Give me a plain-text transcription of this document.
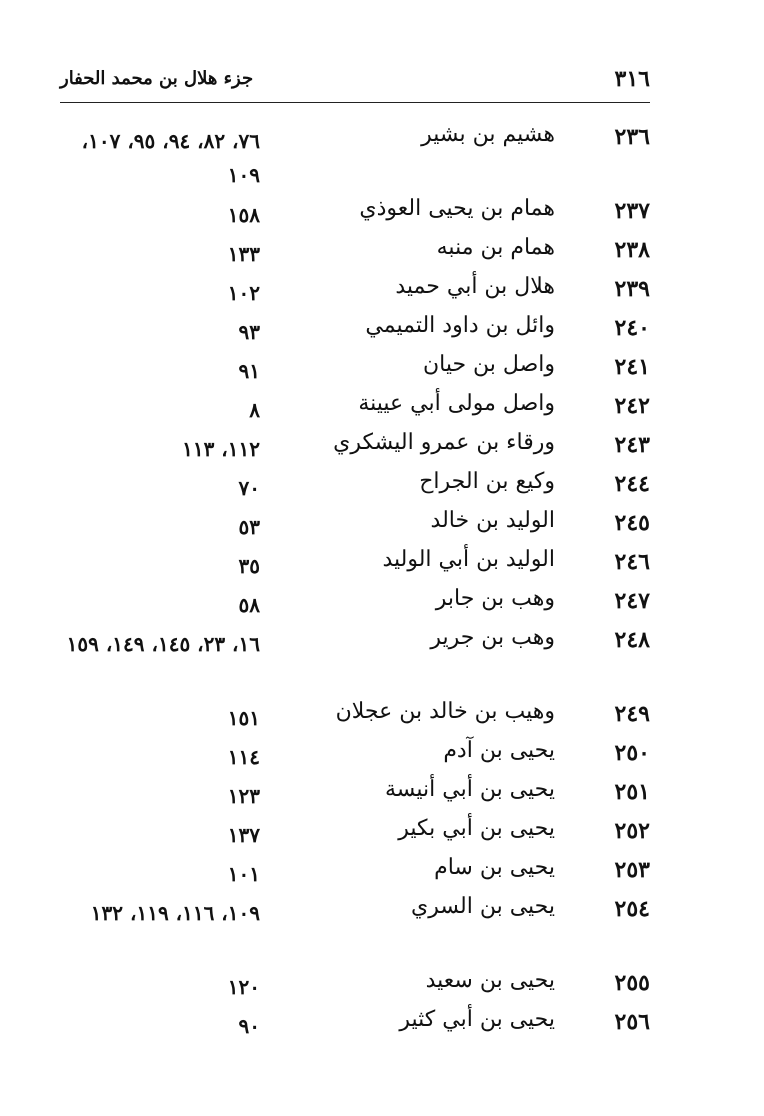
٣١٦
جزء هلال بن محمد الحفار
٢٣٦
هشيم بن بشير
٧٦، ٨٢، ٩٤، ٩٥، ١٠٧، ١٠٩
٢٣٧
همام بن يحيى العوذي
١٥٨
٢٣٨
همام بن منبه
١٣٣
٢٣٩
هلال بن أبي حميد
١٠٢
٢٤٠
وائل بن داود التميمي
٩٣
٢٤١
واصل بن حيان
٩١
٢٤٢
واصل مولى أبي عيينة
٨
٢٤٣
ورقاء بن عمرو اليشكري
١١٢، ١١٣
٢٤٤
وكيع بن الجراح
٧٠
٢٤٥
الوليد بن خالد
٥٣
٢٤٦
الوليد بن أبي الوليد
٣٥
٢٤٧
وهب بن جابر
٥٨
٢٤٨
وهب بن جرير
١٦، ٢٣، ١٤٥، ١٤٩، ١٥٩
٢٤٩
وهيب بن خالد بن عجلان
١٥١
٢٥٠
يحيى بن آدم
١١٤
٢٥١
يحيى بن أبي أنيسة
١٢٣
٢٥٢
يحيى بن أبي بكير
١٣٧
٢٥٣
يحيى بن سام
١٠١
٢٥٤
يحيى بن السري
١٠٩، ١١٦، ١١٩، ١٣٢
٢٥٥
يحيى بن سعيد
١٢٠
٢٥٦
يحيى بن أبي كثير
٩٠
